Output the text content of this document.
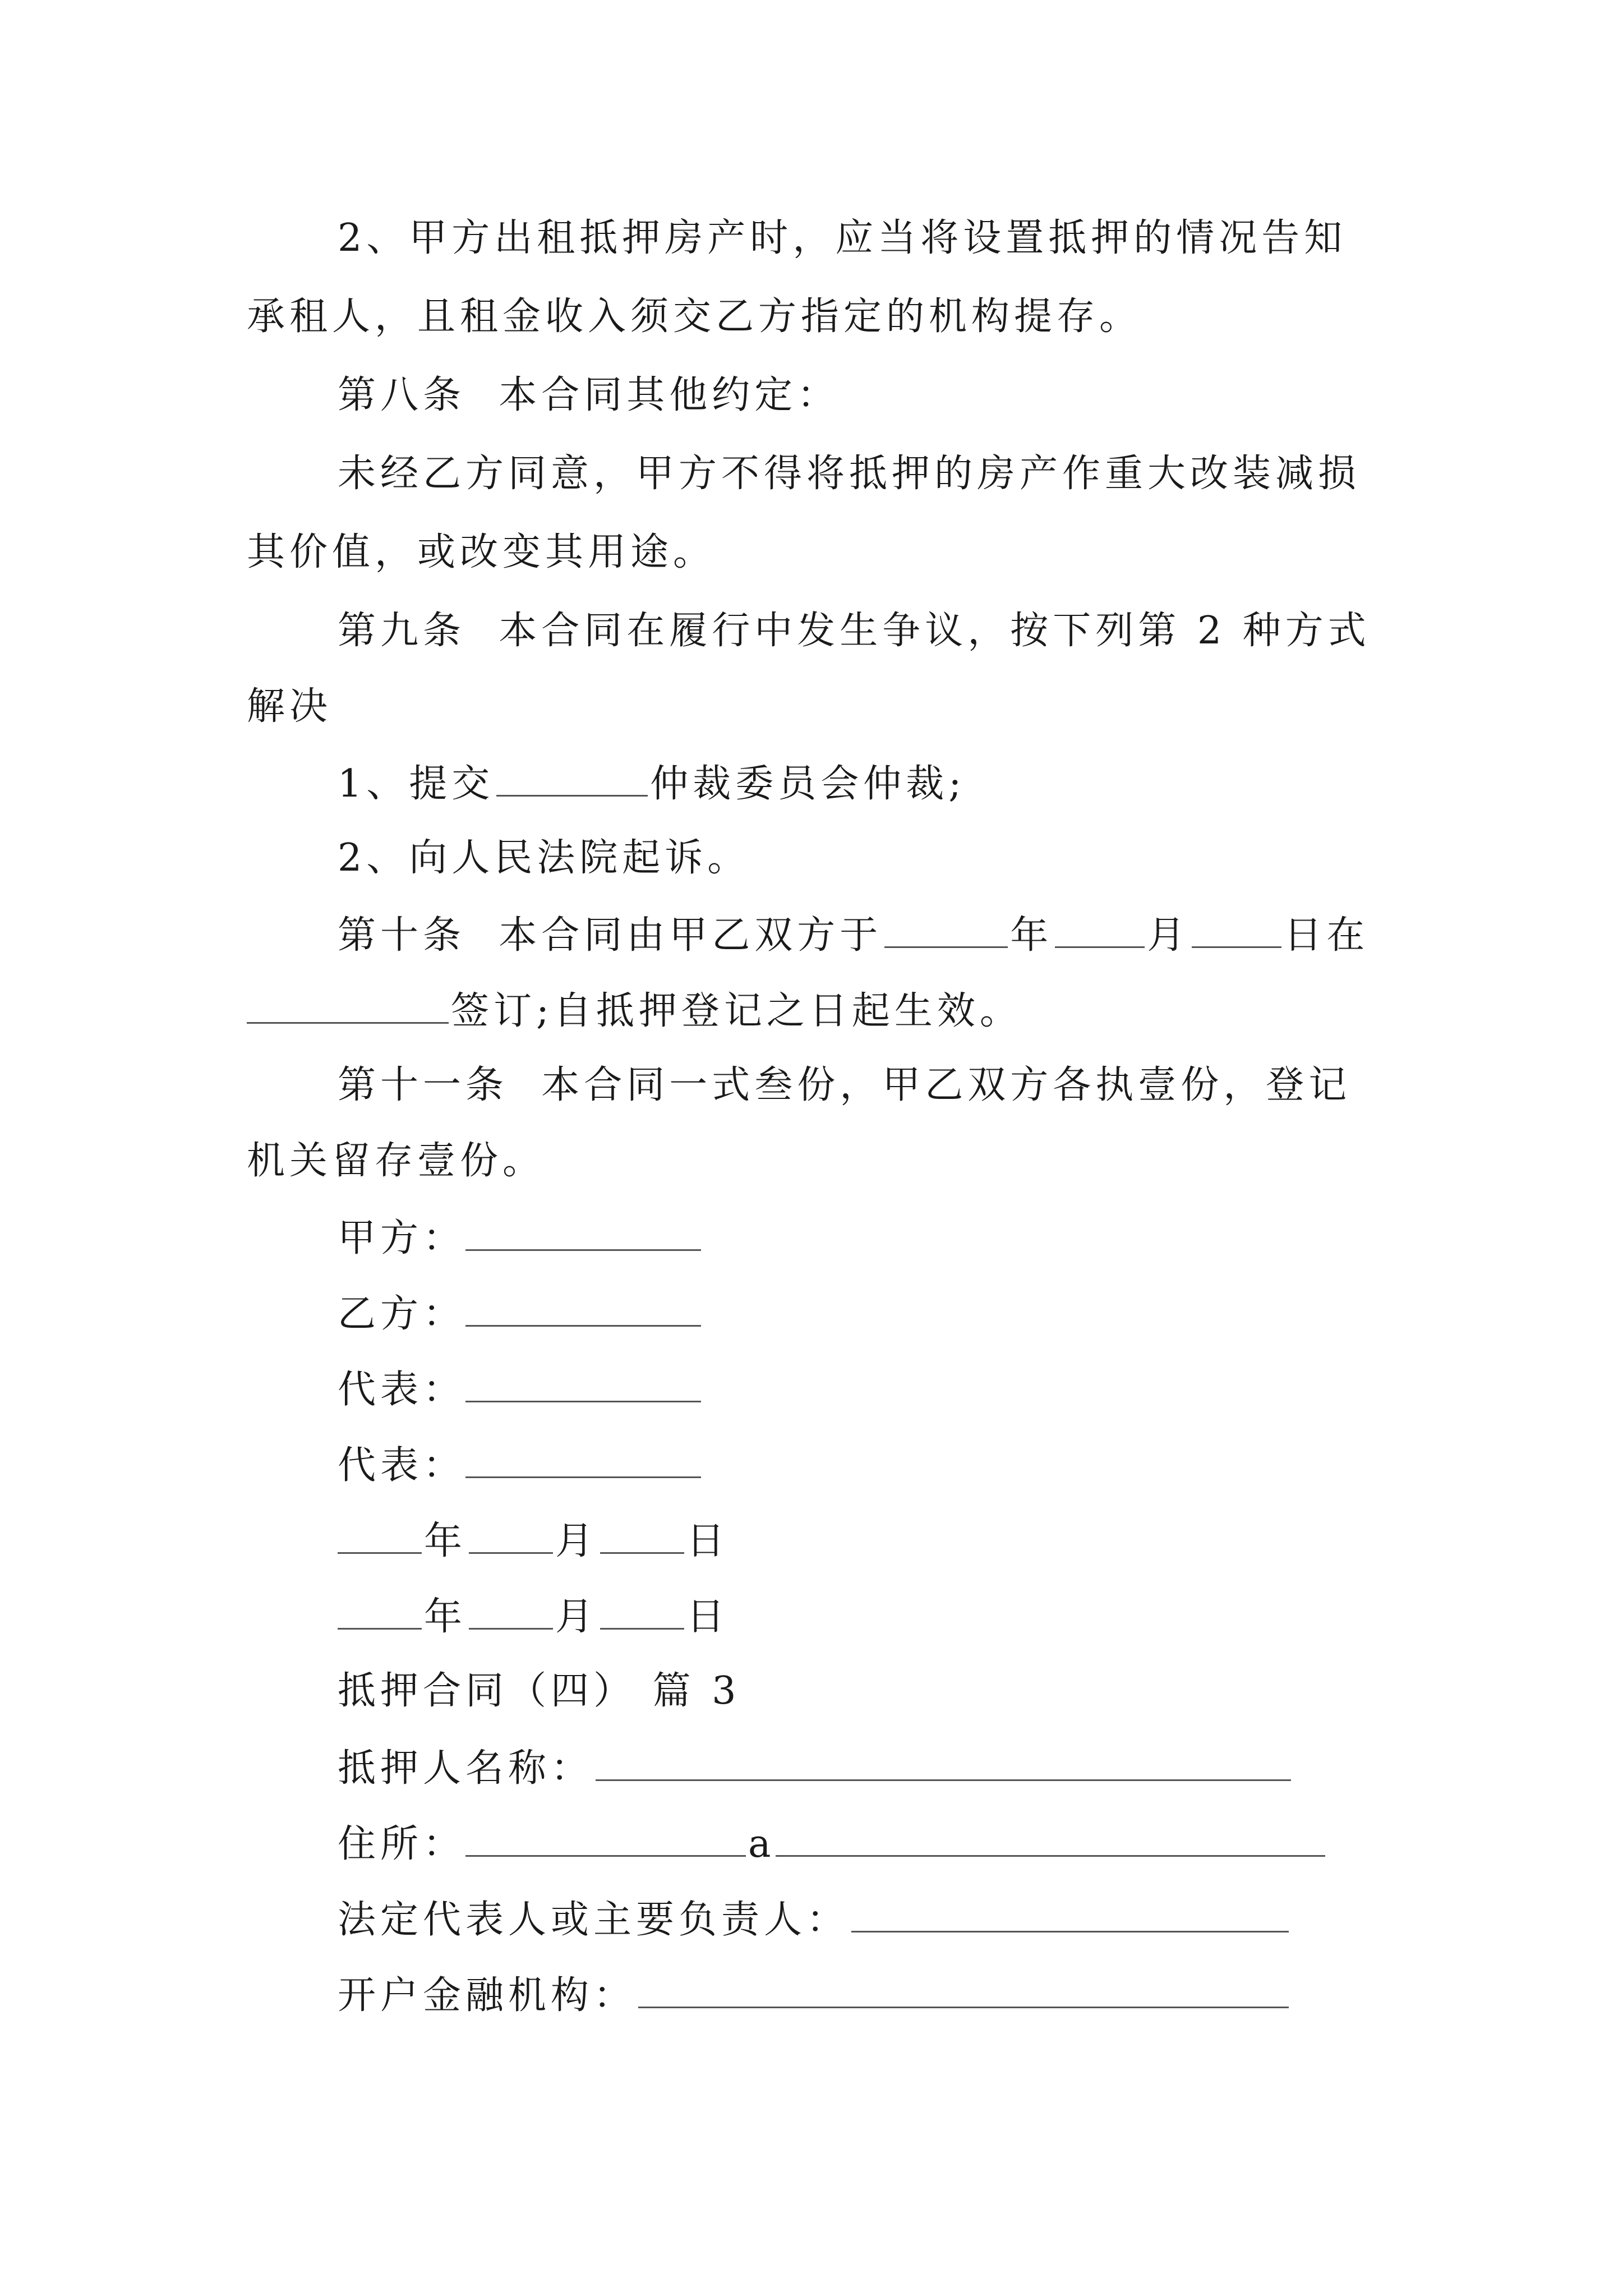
2、甲方出租抵押房产时，应当将设置抵押的情况告知
承租人，且租金收入须交乙方指定的机构提存。
第八条  本合同其他约定：
未经乙方同意，甲方不得将抵押的房产作重大改装减损
其价值，或改变其用途。
第九条  本合同在履行中发生争议，按下列第 2 种方式
解决
1、提交	仲裁委员会仲裁;
2、向人民法院起诉。
第十条  本合同由甲乙双方于	年 月 日在
签订;自抵押登记之日起生效。
第十一条  本合同一式叁份，甲乙双方各执壹份，登记
机关留存壹份。
甲方：
乙方：
代表：
代表：
年 月 日
年 月 日
抵押合同（四） 篇 3
抵押人名称：
住所：	a
法定代表人或主要负责人：
开户金融机构：
